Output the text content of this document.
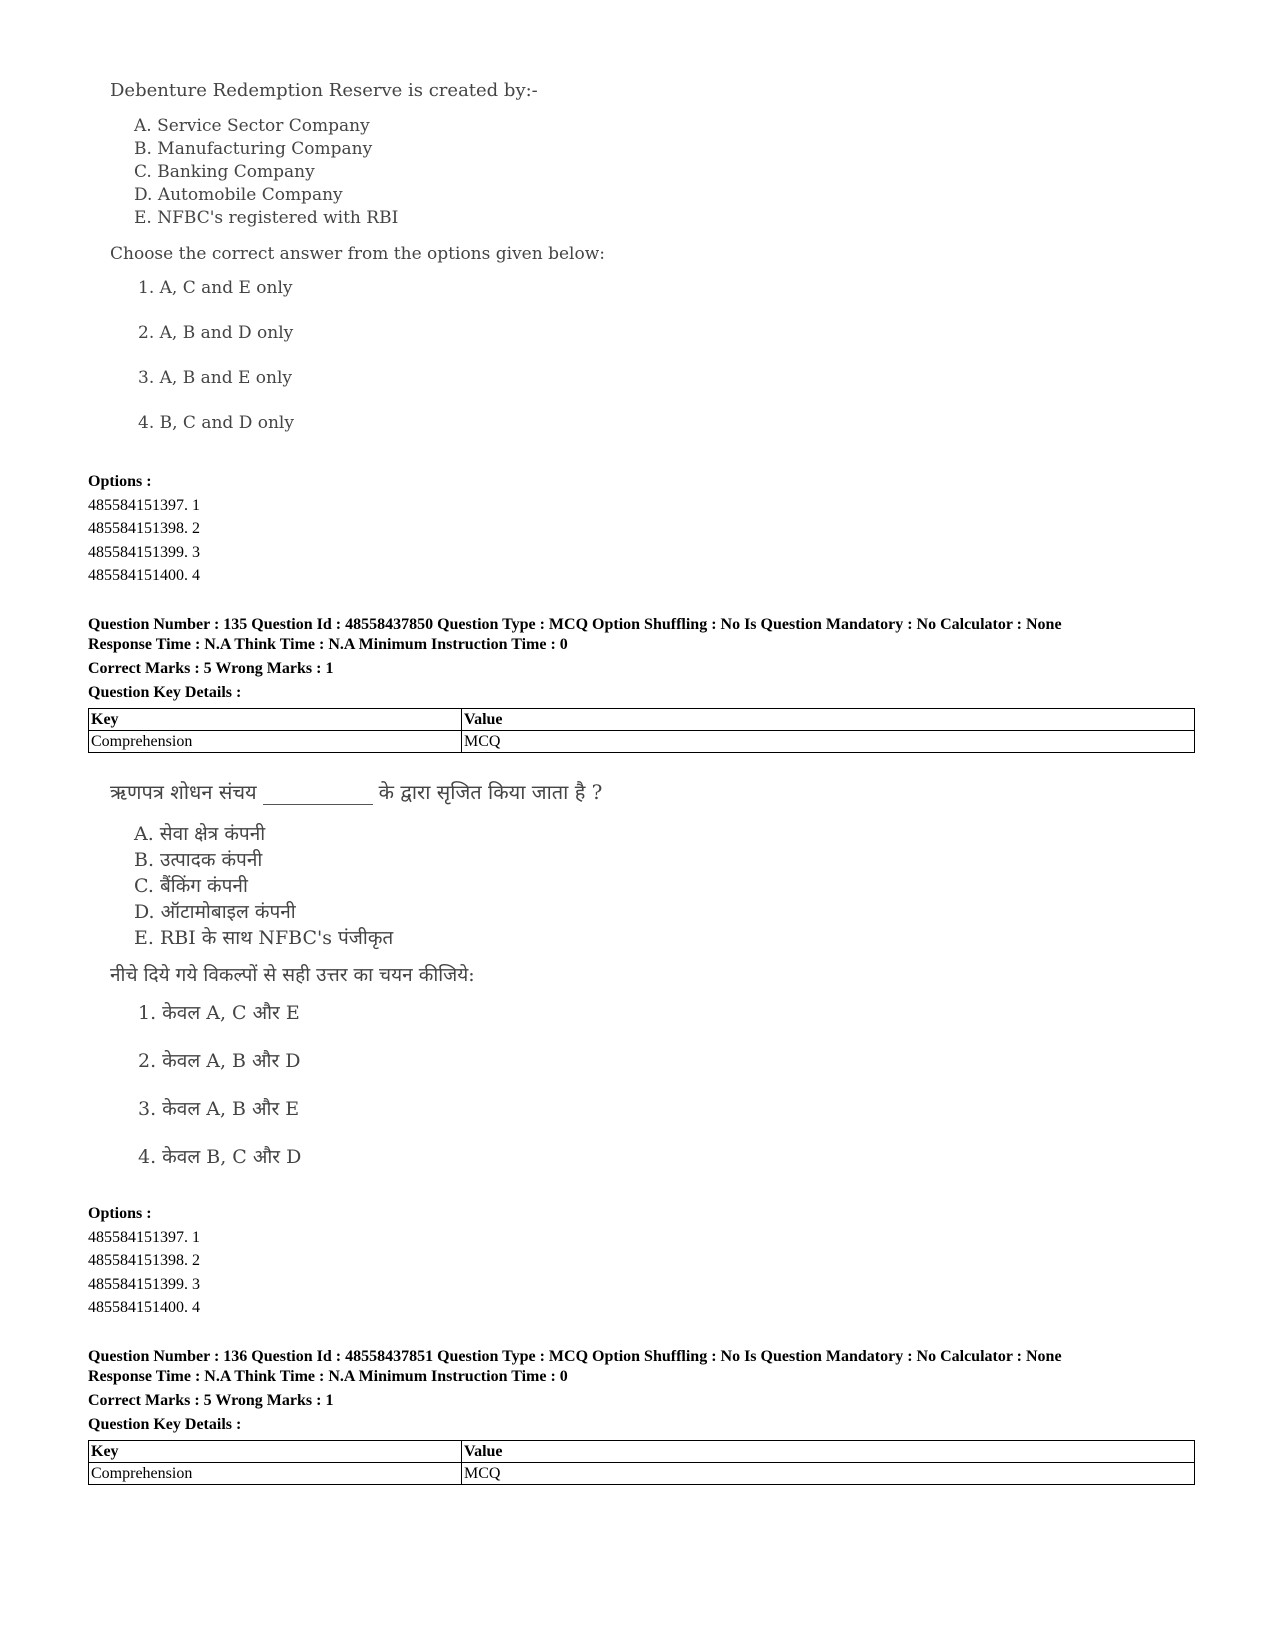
Debenture Redemption Reserve is created by:-
A. Service Sector Company
B. Manufacturing Company
C. Banking Company
D. Automobile Company
E. NFBC's registered with RBI
Choose the correct answer from the options given below:
1. A, C and E only
2. A, B and D only
3. A, B and E only
4. B, C and D only
Options :
485584151397. 1
485584151398. 2
485584151399. 3
485584151400. 4
Question Number : 135 Question Id : 48558437850 Question Type : MCQ Option Shuffling : No Is Question Mandatory : No Calculator : None
Response Time : N.A Think Time : N.A Minimum Instruction Time : 0
Correct Marks : 5 Wrong Marks : 1
Question Key Details :
Key	Value
Comprehension	MCQ
ऋणपत्र शोधन संचय	के द्वारा सृजित किया जाता है ?
A. सेवा क्षेत्र कंपनी
B. उत्पादक कंपनी
C. बैंकिंग कंपनी
D. ऑटामोबाइल कंपनी
E. RBI के साथ NFBC's पंजीकृत
नीचे दिये गये विकल्पों से सही उत्तर का चयन कीजिये:
1. केवल A, C और E
2. केवल A, B और D
3. केवल A, B और E
4. केवल B, C और D
Options :
485584151397. 1
485584151398. 2
485584151399. 3
485584151400. 4
Question Number : 136 Question Id : 48558437851 Question Type : MCQ Option Shuffling : No Is Question Mandatory : No Calculator : None
Response Time : N.A Think Time : N.A Minimum Instruction Time : 0
Correct Marks : 5 Wrong Marks : 1
Question Key Details :
Key	Value
Comprehension	MCQ
